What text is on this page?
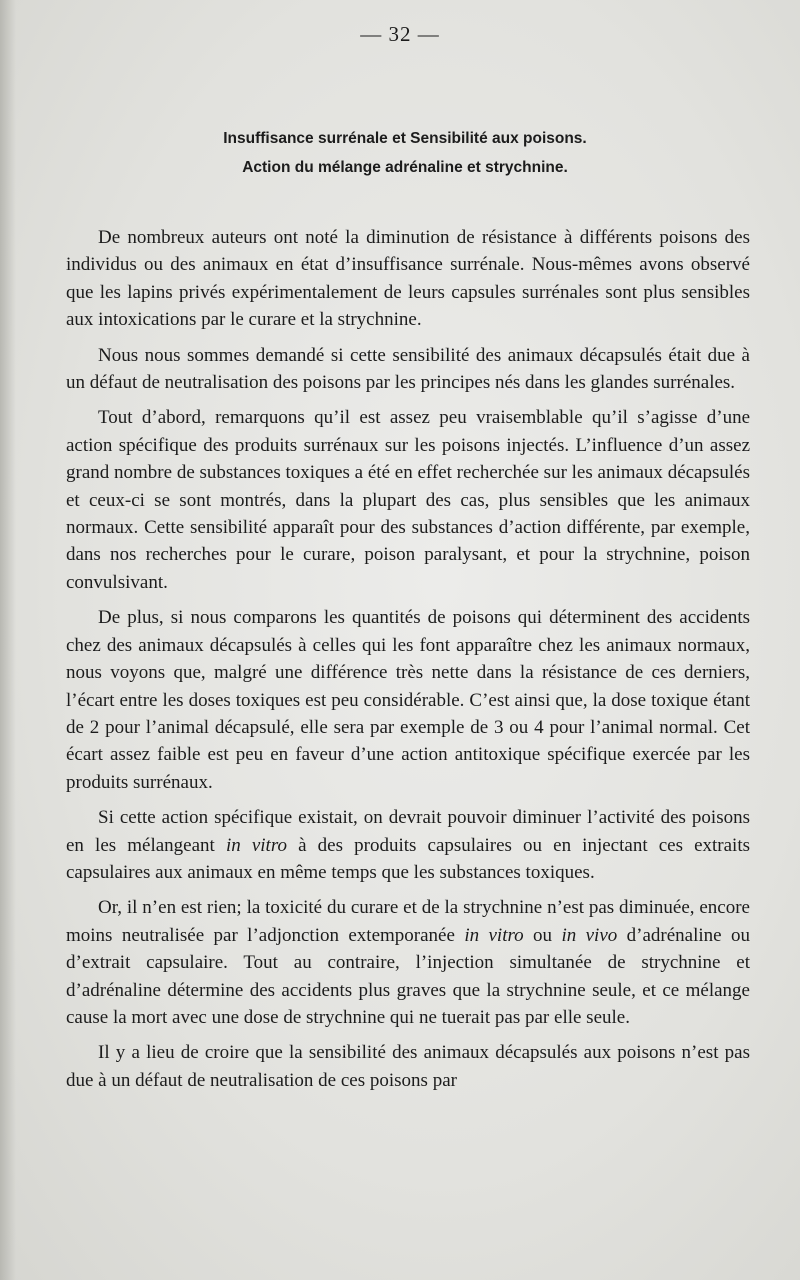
— 32 —
Insuffisance surrénale et Sensibilité aux poisons.
Action du mélange adrénaline et strychnine.

De nombreux auteurs ont noté la diminution de résistance à différents poisons des individus ou des animaux en état d’insuffisance surrénale. Nous-mêmes avons observé que les lapins privés expérimentalement de leurs capsules surrénales sont plus sensibles aux intoxications par le curare et la strychnine.

Nous nous sommes demandé si cette sensibilité des animaux décapsulés était due à un défaut de neutralisation des poisons par les principes nés dans les glandes surrénales.

Tout d’abord, remarquons qu’il est assez peu vraisemblable qu’il s’agisse d’une action spécifique des produits surrénaux sur les poisons injectés. L’influence d’un assez grand nombre de substances toxiques a été en effet recherchée sur les animaux décapsulés et ceux-ci se sont montrés, dans la plupart des cas, plus sensibles que les animaux normaux. Cette sensibilité apparaît pour des substances d’action différente, par exemple, dans nos recherches pour le curare, poison paralysant, et pour la strychnine, poison convulsivant.

De plus, si nous comparons les quantités de poisons qui déterminent des accidents chez des animaux décapsulés à celles qui les font apparaître chez les animaux normaux, nous voyons que, malgré une différence très nette dans la résistance de ces derniers, l’écart entre les doses toxiques est peu considérable. C’est ainsi que, la dose toxique étant de 2 pour l’animal décapsulé, elle sera par exemple de 3 ou 4 pour l’animal normal. Cet écart assez faible est peu en faveur d’une action antitoxique spécifique exercée par les produits surrénaux.

Si cette action spécifique existait, on devrait pouvoir diminuer l’activité des poisons en les mélangeant in vitro à des produits capsulaires ou en injectant ces extraits capsulaires aux animaux en même temps que les substances toxiques.

Or, il n’en est rien; la toxicité du curare et de la strychnine n’est pas diminuée, encore moins neutralisée par l’adjonction extemporanée in vitro ou in vivo d’adrénaline ou d’extrait capsulaire. Tout au contraire, l’injection simultanée de strychnine et d’adrénaline détermine des accidents plus graves que la strychnine seule, et ce mélange cause la mort avec une dose de strychnine qui ne tuerait pas par elle seule.

Il y a lieu de croire que la sensibilité des animaux décapsulés aux poisons n’est pas due à un défaut de neutralisation de ces poisons par
